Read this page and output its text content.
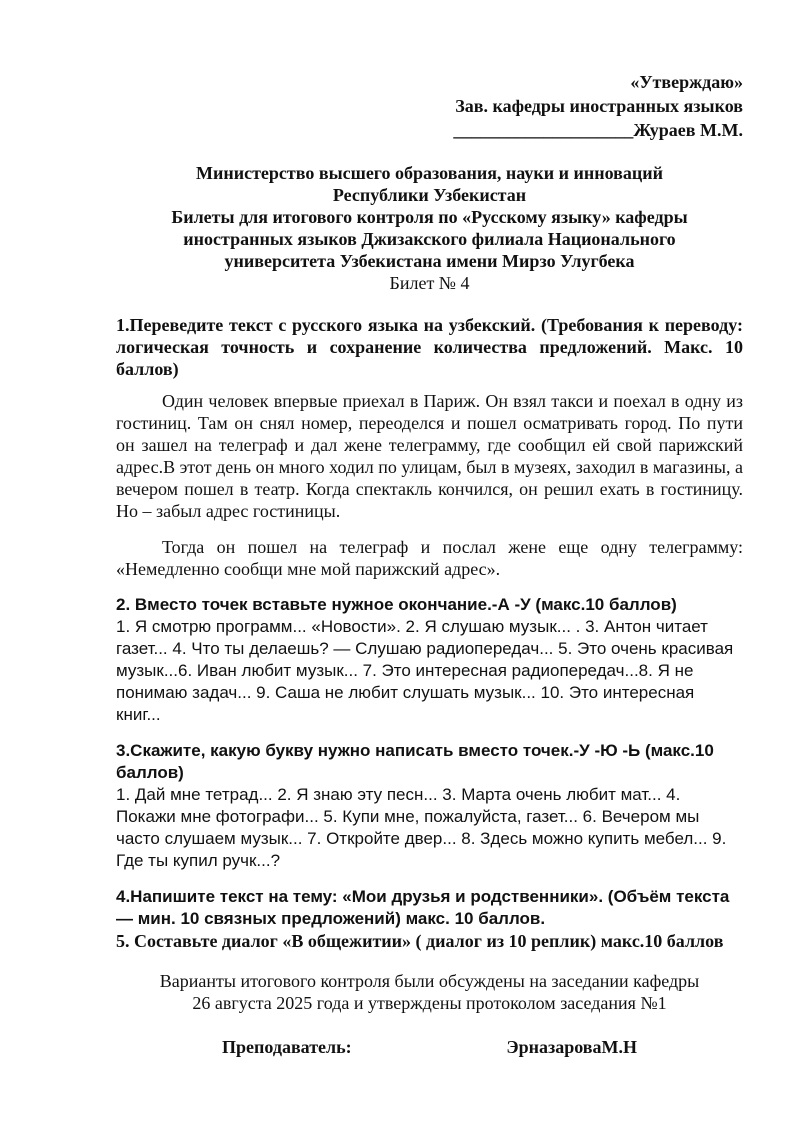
«Утверждаю»
Зав. кафедры иностранных языков
____________________Жураев М.М.
Министерство высшего образования, науки и инноваций
Республики Узбекистан
Билеты для итогового контроля по «Русскому языку» кафедры
иностранных языков Джизакского филиала Национального
университета Узбекистана имени Мирзо Улугбека
Билет № 4
1.Переведите текст с русского языка на узбекский. (Требования к переводу: логическая точность и сохранение количества предложений. Макс. 10 баллов)
Один человек впервые приехал в Париж. Он взял такси и поехал в одну из гостиниц. Там он снял номер, переоделся и пошел осматривать город. По пути он зашел на телеграф и дал жене телеграмму, где сообщил ей свой парижский адрес.В этот день он много ходил по улицам, был в музеях, заходил в магазины, а вечером пошел в театр. Когда спектакль кончился, он решил ехать в гостиницу. Но – забыл адрес гостиницы.
Тогда он пошел на телеграф и послал жене еще одну телеграмму: «Немедленно сообщи мне мой парижский адрес».
2. Вместо точек вставьте нужное окончание.-А -У (макс.10 баллов)
1. Я смотрю программ... «Новости». 2. Я слушаю музык... . 3. Антон читает газет... 4. Что ты делаешь? — Слушаю радиопередач... 5. Это очень красивая музык...6. Иван любит музык... 7. Это интересная радиопередач...8. Я не понимаю задач... 9. Саша не любит слушать музык... 10. Это интересная книг...
3.Скажите, какую букву нужно написать вместо точек.-У -Ю -Ь (макс.10 баллов)
1. Дай мне тетрад... 2. Я знаю эту песн... 3. Марта очень любит мат... 4. Покажи мне фотографи... 5. Купи мне, пожалуйста, газет... 6. Вечером мы часто слушаем музык... 7. Откройте двер... 8. Здесь можно купить мебел... 9. Где ты купил ручк...?
4.Напишите текст на тему: «Мои друзья и родственники». (Объём текста — мин. 10 связных предложений) макс. 10 баллов.
5. Составьте диалог «В общежитии» ( диалог из 10 реплик) макс.10 баллов
Варианты итогового контроля были обсуждены на заседании кафедры
26 августа 2025 года и утверждены протоколом заседания №1
Преподаватель:	ЭрназароваМ.Н
